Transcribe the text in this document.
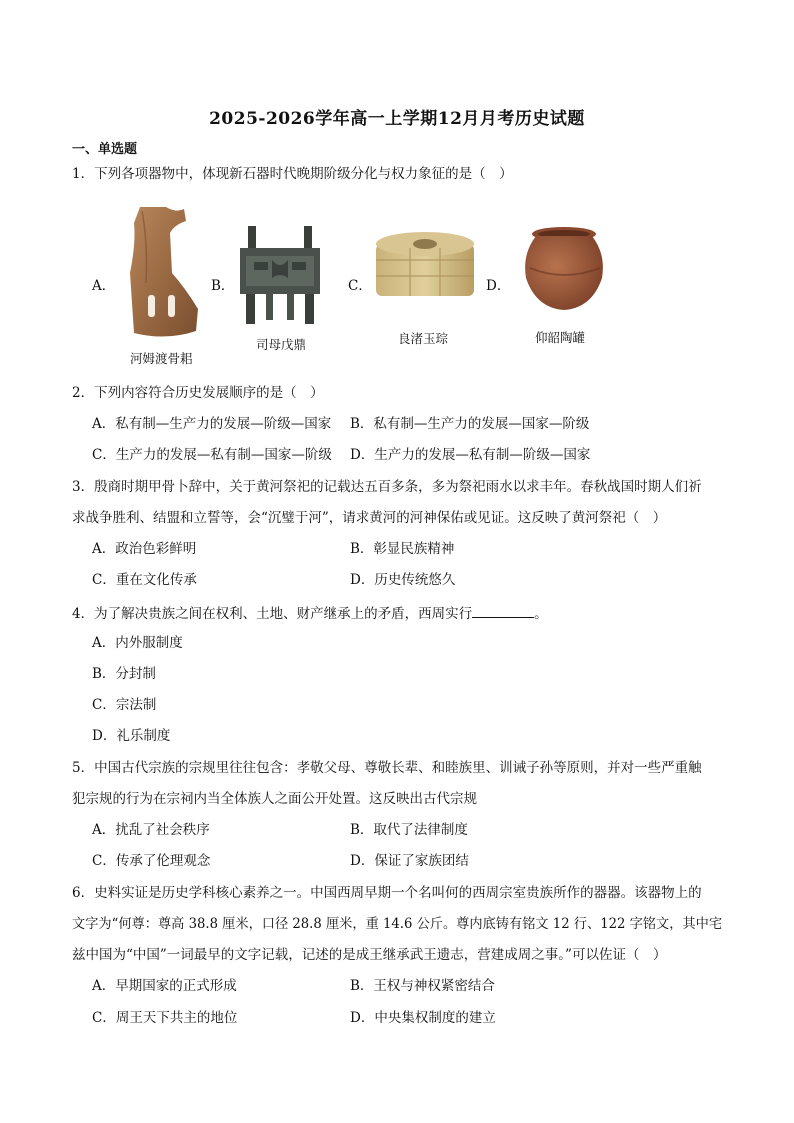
2025-2026学年高一上学期12月月考历史试题
一、单选题
1．下列各项器物中，体现新石器时代晚期阶级分化与权力象征的是（　）
A．
河姆渡骨耜
B．
司母戊鼎
C．
良渚玉琮
D．
仰韶陶罐
2．下列内容符合历史发展顺序的是（　）
A．私有制—生产力的发展—阶级—国家 B．私有制—生产力的发展—国家—阶级
C．生产力的发展—私有制—国家—阶级 D．生产力的发展—私有制—阶级—国家
3．殷商时期甲骨卜辞中，关于黄河祭祀的记载达五百多条，多为祭祀雨水以求丰年。春秋战国时期人们祈
求战争胜利、结盟和立誓等，会“沉璧于河”，请求黄河的河神保佑或见证。这反映了黄河祭祀（　）
A．政治色彩鲜明	B．彰显民族精神
C．重在文化传承	D．历史传统悠久
4．为了解决贵族之间在权利、土地、财产继承上的矛盾，西周实行	。
A．内外服制度
B．分封制
C．宗法制
D．礼乐制度
5．中国古代宗族的宗规里往往包含：孝敬父母、尊敬长辈、和睦族里、训诫子孙等原则，并对一些严重触
犯宗规的行为在宗祠内当全体族人之面公开处置。这反映出古代宗规
A．扰乱了社会秩序	B．取代了法律制度
C．传承了伦理观念	D．保证了家族团结
6．史料实证是历史学科核心素养之一。中国西周早期一个名叫何的西周宗室贵族所作的器器。该器物上的
文字为“何尊：尊高 38.8 厘米，口径 28.8 厘米，重 14.6 公斤。尊内底铸有铭文 12 行、122 字铭文，其中宅
兹中国为“中国”一词最早的文字记载，记述的是成王继承武王遗志，营建成周之事。”可以佐证（　）
A．早期国家的正式形成	B．王权与神权紧密结合
C．周王天下共主的地位	D．中央集权制度的建立
